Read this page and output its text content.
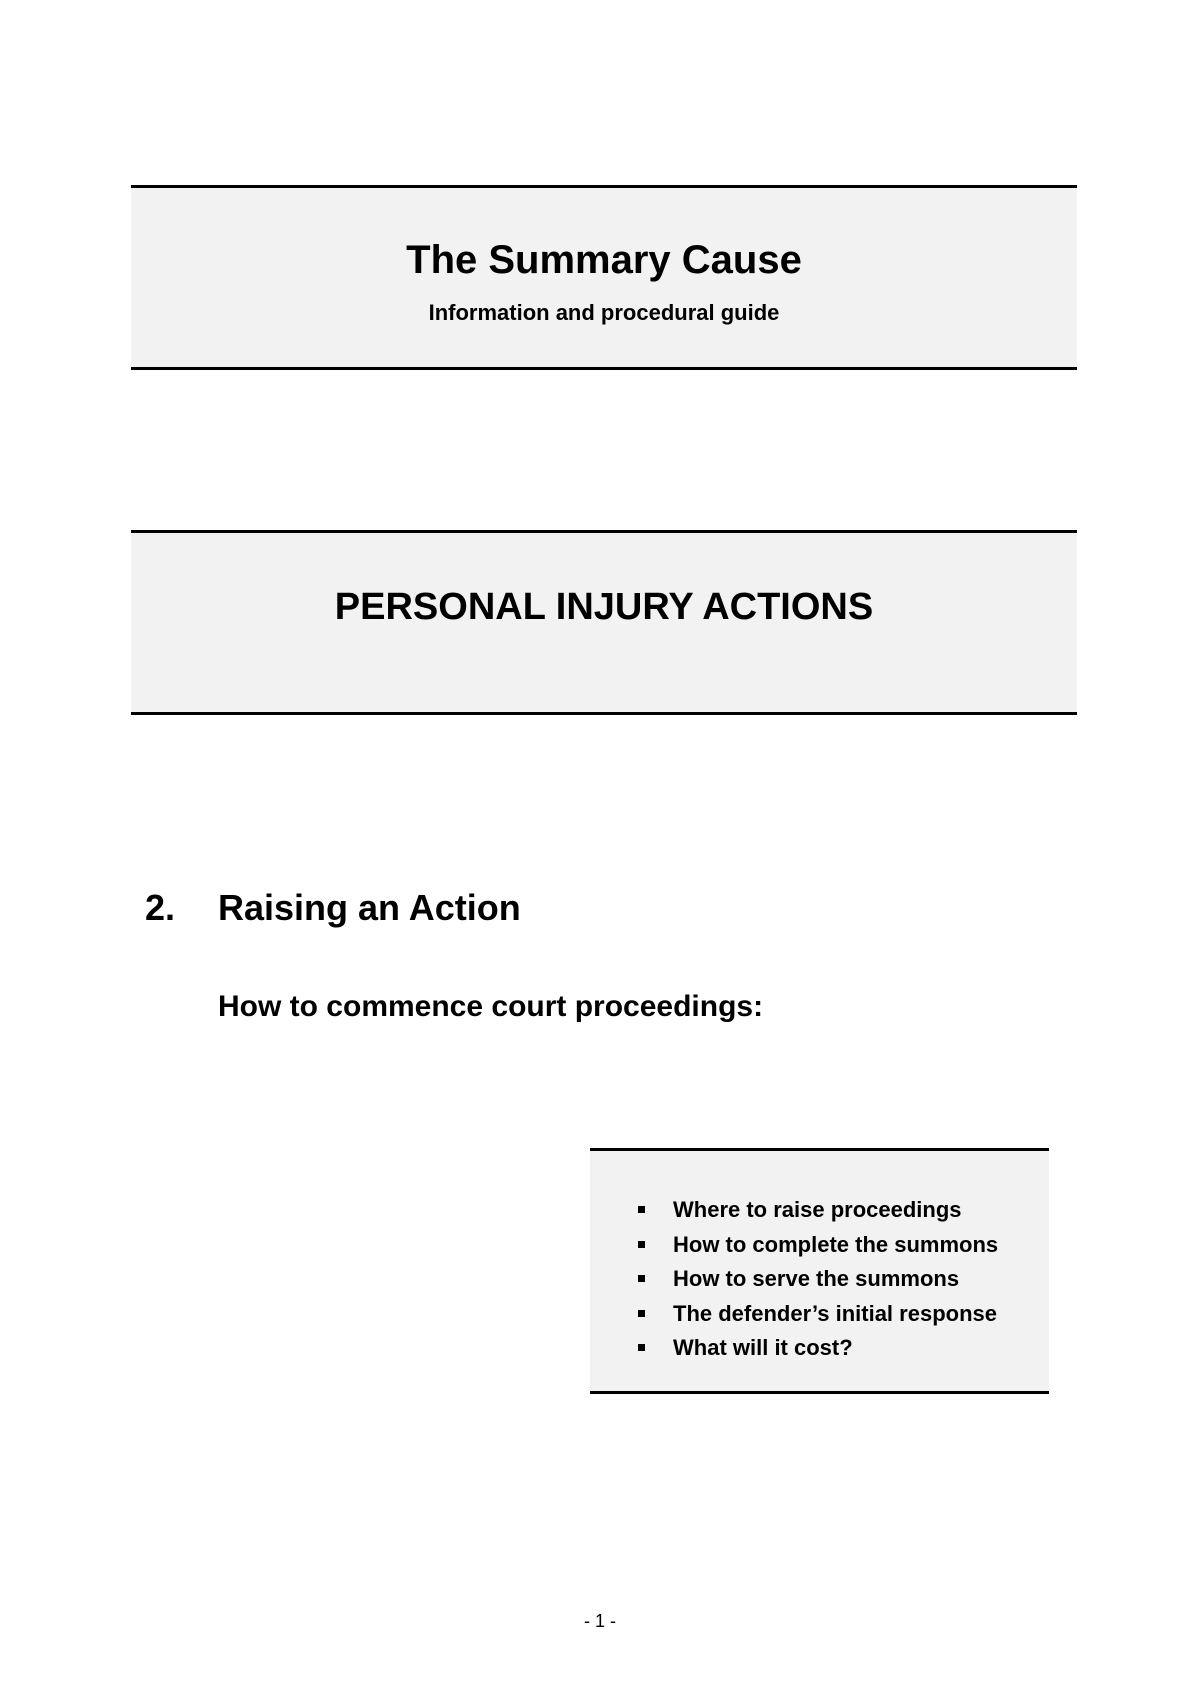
The Summary Cause

Information and procedural guide

PERSONAL INJURY ACTIONS
2. Raising an Action
How to commence court proceedings:
Where to raise proceedings
How to complete the summons
How to serve the summons
The defender’s initial response
What will it cost?
- 1 -
